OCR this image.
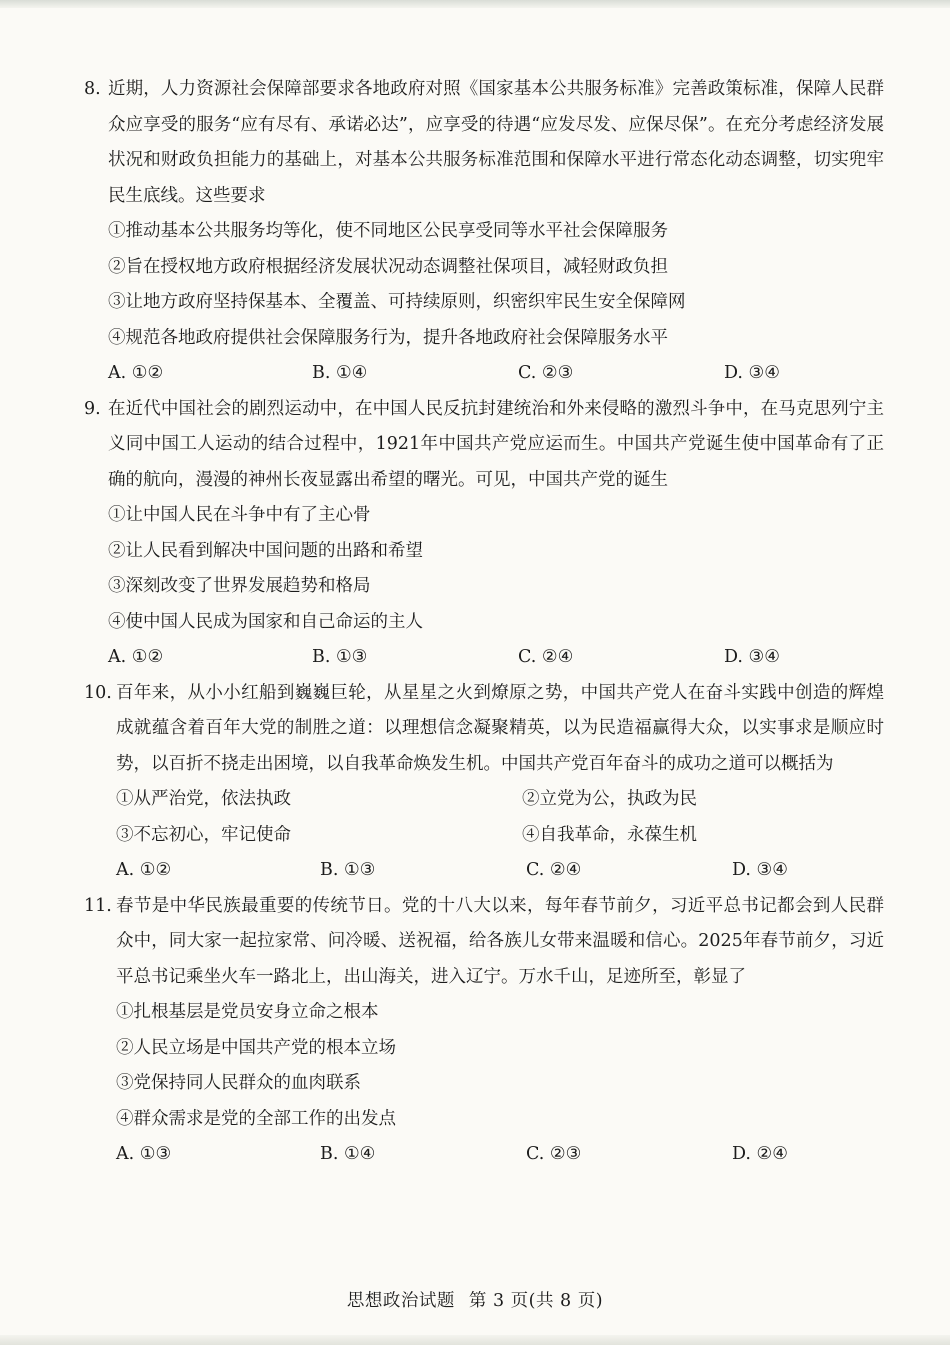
8. 近期，人力资源社会保障部要求各地政府对照《国家基本公共服务标准》完善政策标准，保障人民群众应享受的服务“应有尽有、承诺必达”，应享受的待遇“应发尽发、应保尽保”。在充分考虑经济发展状况和财政负担能力的基础上，对基本公共服务标准范围和保障水平进行常态化动态调整，切实兜牢民生底线。这些要求
①推动基本公共服务均等化，使不同地区公民享受同等水平社会保障服务
②旨在授权地方政府根据经济发展状况动态调整社保项目，减轻财政负担
③让地方政府坚持保基本、全覆盖、可持续原则，织密织牢民生安全保障网
④规范各地政府提供社会保障服务行为，提升各地政府社会保障服务水平
A. ①②	B. ①④	C. ②③	D. ③④
9. 在近代中国社会的剧烈运动中，在中国人民反抗封建统治和外来侵略的激烈斗争中，在马克思列宁主义同中国工人运动的结合过程中，1921年中国共产党应运而生。中国共产党诞生使中国革命有了正确的航向，漫漫的神州长夜显露出希望的曙光。可见，中国共产党的诞生
①让中国人民在斗争中有了主心骨
②让人民看到解决中国问题的出路和希望
③深刻改变了世界发展趋势和格局
④使中国人民成为国家和自己命运的主人
A. ①②	B. ①③	C. ②④	D. ③④
10. 百年来，从小小红船到巍巍巨轮，从星星之火到燎原之势，中国共产党人在奋斗实践中创造的辉煌成就蕴含着百年大党的制胜之道：以理想信念凝聚精英，以为民造福赢得大众，以实事求是顺应时势，以百折不挠走出困境，以自我革命焕发生机。中国共产党百年奋斗的成功之道可以概括为
①从严治党，依法执政	②立党为公，执政为民
③不忘初心，牢记使命	④自我革命，永葆生机
A. ①②	B. ①③	C. ②④	D. ③④
11. 春节是中华民族最重要的传统节日。党的十八大以来，每年春节前夕，习近平总书记都会到人民群众中，同大家一起拉家常、问冷暖、送祝福，给各族儿女带来温暖和信心。2025年春节前夕，习近平总书记乘坐火车一路北上，出山海关，进入辽宁。万水千山，足迹所至，彰显了
①扎根基层是党员安身立命之根本
②人民立场是中国共产党的根本立场
③党保持同人民群众的血肉联系
④群众需求是党的全部工作的出发点
A. ①③	B. ①④	C. ②③	D. ②④
思想政治试题 第 3 页(共 8 页)
